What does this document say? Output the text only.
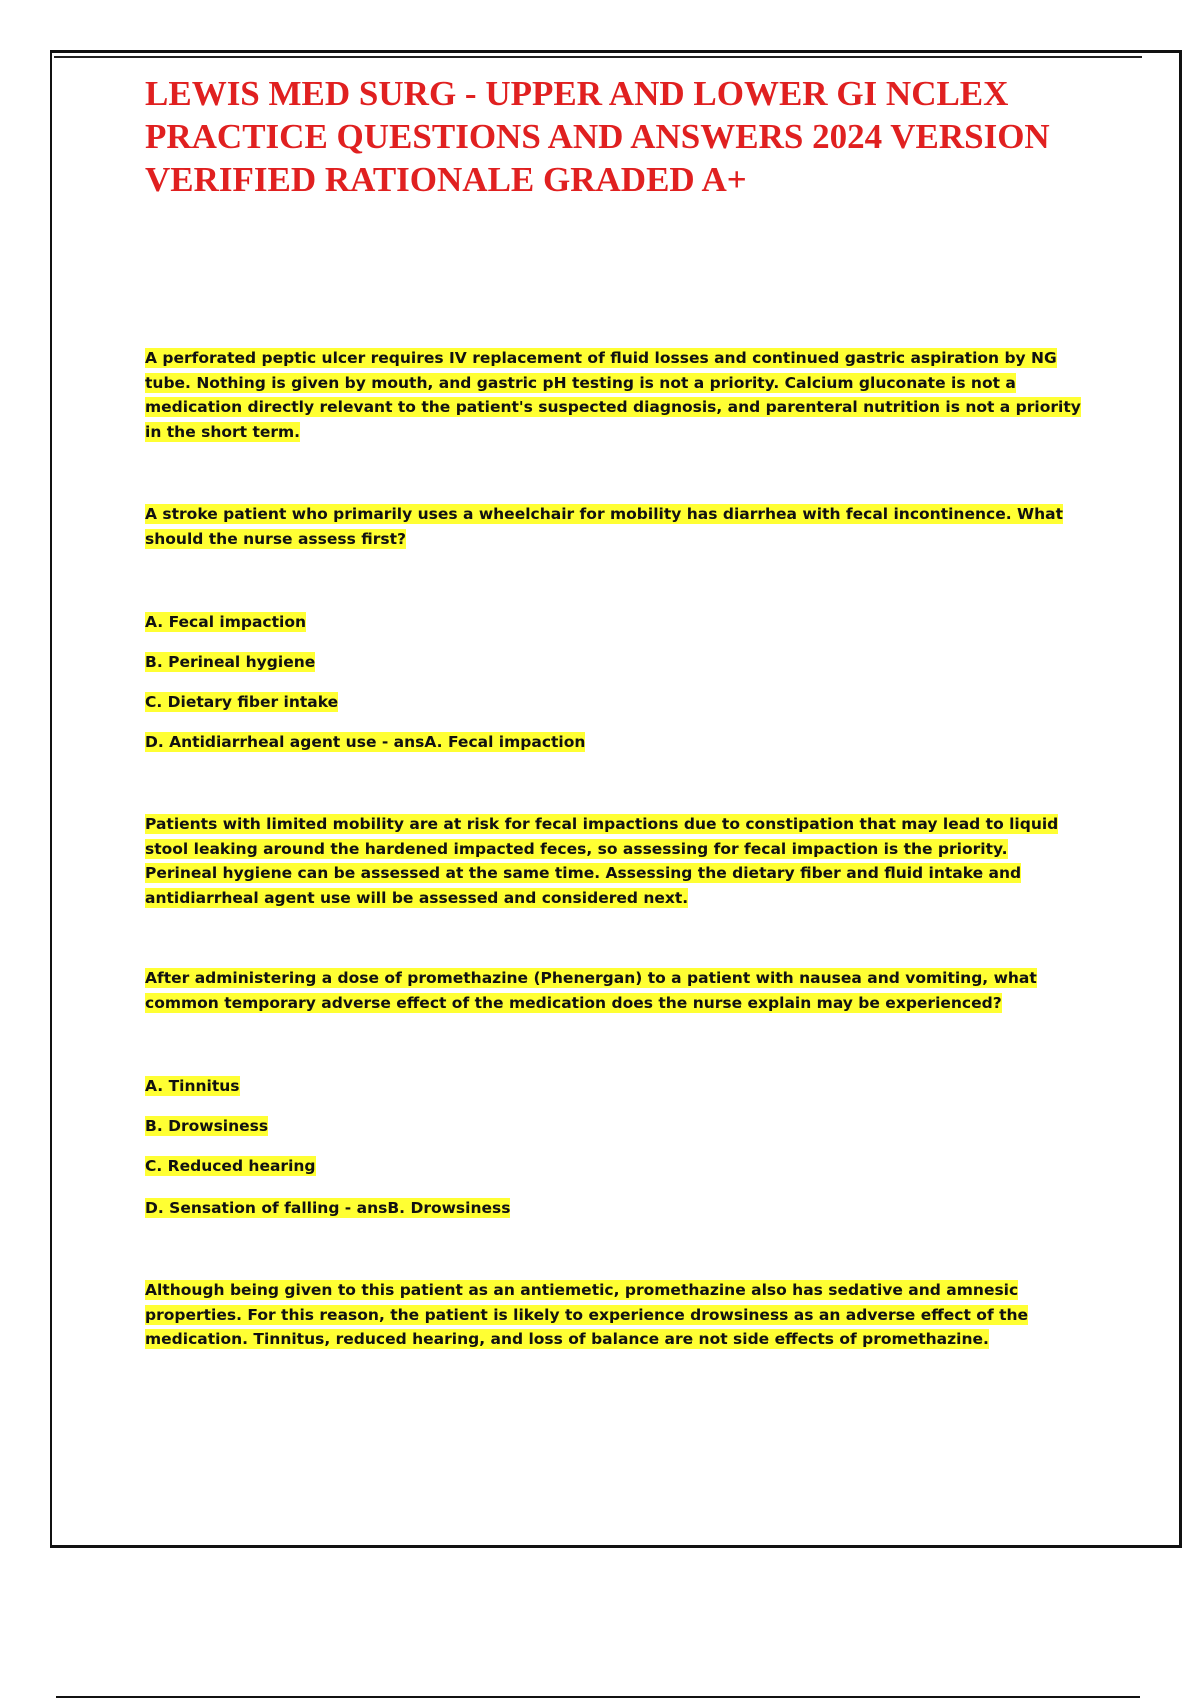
LEWIS MED SURG - UPPER AND LOWER GI NCLEX PRACTICE QUESTIONS AND ANSWERS 2024 VERSION VERIFIED RATIONALE GRADED A+

A perforated peptic ulcer requires IV replacement of fluid losses and continued gastric aspiration by NG tube. Nothing is given by mouth, and gastric pH testing is not a priority. Calcium gluconate is not a medication directly relevant to the patient's suspected diagnosis, and parenteral nutrition is not a priority in the short term.

A stroke patient who primarily uses a wheelchair for mobility has diarrhea with fecal incontinence. What should the nurse assess first?

A. Fecal impaction

B. Perineal hygiene

C. Dietary fiber intake

D. Antidiarrheal agent use - ansA. Fecal impaction

Patients with limited mobility are at risk for fecal impactions due to constipation that may lead to liquid stool leaking around the hardened impacted feces, so assessing for fecal impaction is the priority. Perineal hygiene can be assessed at the same time. Assessing the dietary fiber and fluid intake and antidiarrheal agent use will be assessed and considered next.

After administering a dose of promethazine (Phenergan) to a patient with nausea and vomiting, what common temporary adverse effect of the medication does the nurse explain may be experienced?

A. Tinnitus

B. Drowsiness

C. Reduced hearing

D. Sensation of falling - ansB. Drowsiness

Although being given to this patient as an antiemetic, promethazine also has sedative and amnesic properties. For this reason, the patient is likely to experience drowsiness as an adverse effect of the medication. Tinnitus, reduced hearing, and loss of balance are not side effects of promethazine.
